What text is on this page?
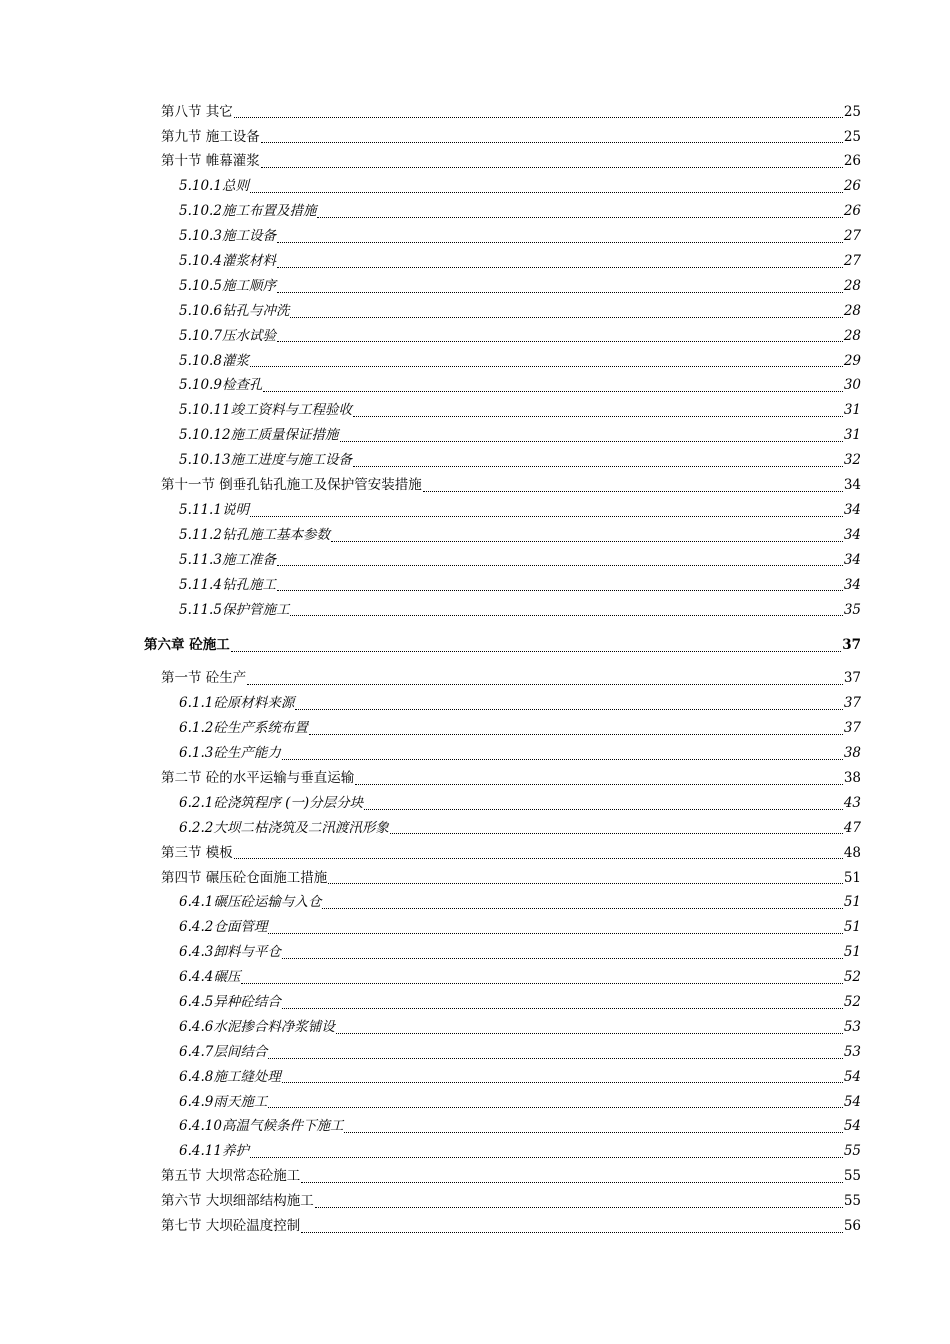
第八节 其它	25
第九节 施工设备	25
第十节 帷幕灌浆	26
5.10.1总则	26
5.10.2施工布置及措施	26
5.10.3施工设备	27
5.10.4灌浆材料	27
5.10.5施工顺序	28
5.10.6钻孔与冲洗	28
5.10.7压水试验	28
5.10.8灌浆	29
5.10.9检查孔	30
5.10.11竣工资料与工程验收	31
5.10.12施工质量保证措施	31
5.10.13施工进度与施工设备	32
第十一节 倒垂孔钻孔施工及保护管安装措施	34
5.11.1说明	34
5.11.2钻孔施工基本参数	34
5.11.3施工准备	34
5.11.4钻孔施工	34
5.11.5保护管施工	35
第六章 砼施工	37
第一节 砼生产	37
6.1.1砼原材料来源	37
6.1.2砼生产系统布置	37
6.1.3砼生产能力	38
第二节 砼的水平运输与垂直运输	38
6.2.1砼浇筑程序 (一)分层分块	43
6.2.2大坝二枯浇筑及二汛渡汛形象	47
第三节 模板	48
第四节 碾压砼仓面施工措施	51
6.4.1碾压砼运输与入仓	51
6.4.2仓面管理	51
6.4.3卸料与平仓	51
6.4.4碾压	52
6.4.5异种砼结合	52
6.4.6水泥掺合料净浆铺设	53
6.4.7层间结合	53
6.4.8施工缝处理	54
6.4.9雨天施工	54
6.4.10高温气候条件下施工	54
6.4.11养护	55
第五节 大坝常态砼施工	55
第六节 大坝细部结构施工	55
第七节 大坝砼温度控制	56
